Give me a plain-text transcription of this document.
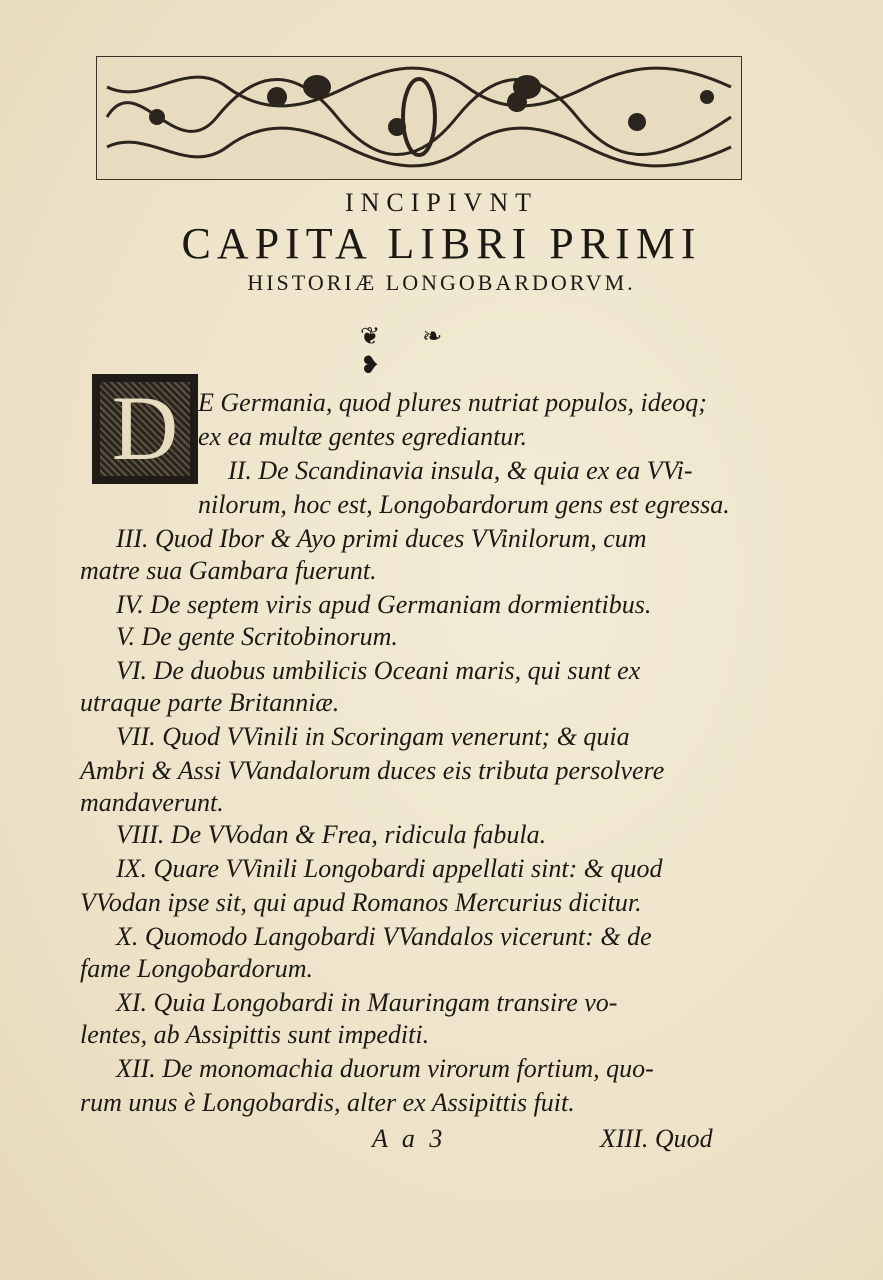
INCIPIVNT
CAPITA LIBRI PRIMI
HISTORIÆ LONGOBARDORVM.
❦ ❧ ❥
D E Germania, quod plures nutriat populos, ideoq;
ex ea multæ gentes egrediantur.
II. De Scandinavia insula, & quia ex ea VVi-
nilorum, hoc est, Longobardorum gens est egressa.
III. Quod Ibor & Ayo primi duces VVinilorum, cum
matre sua Gambara fuerunt.
IV. De septem viris apud Germaniam dormientibus.
V. De gente Scritobinorum.
VI. De duobus umbilicis Oceani maris, qui sunt ex
utraque parte Britanniæ.
VII. Quod VVinili in Scoringam venerunt; & quia
Ambri & Assi VVandalorum duces eis tributa persolvere
mandaverunt.
VIII. De VVodan & Frea, ridicula fabula.
IX. Quare VVinili Longobardi appellati sint: & quod
VVodan ipse sit, qui apud Romanos Mercurius dicitur.
X. Quomodo Langobardi VVandalos vicerunt: & de
fame Longobardorum.
XI. Quia Longobardi in Mauringam transire vo-
lentes, ab Assipittis sunt impediti.
XII. De monomachia duorum virorum fortium, quo-
rum unus è Longobardis, alter ex Assipittis fuit.
A a 3	XIII. Quod
